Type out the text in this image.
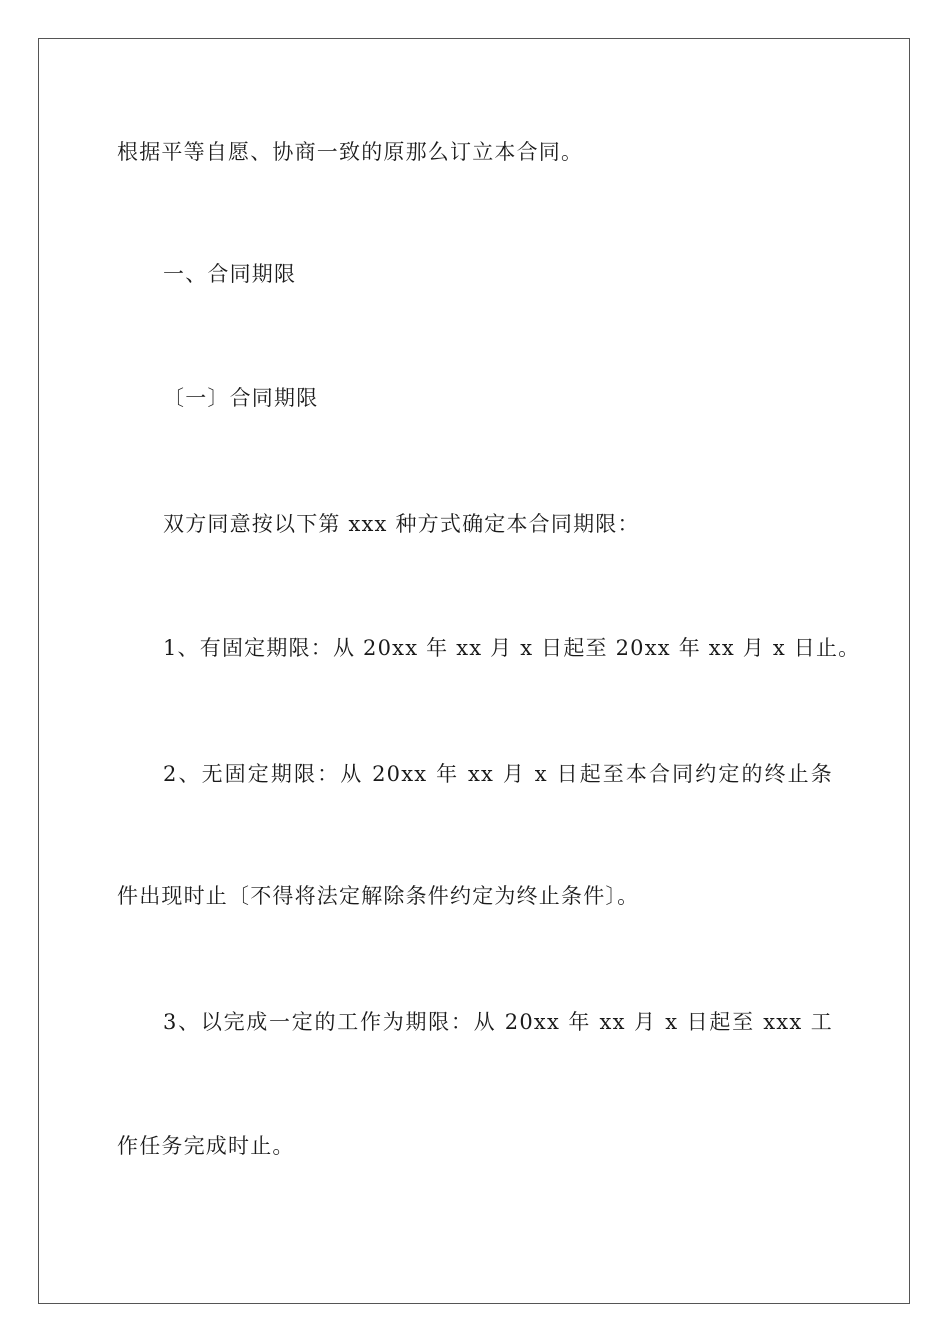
根据平等自愿、协商一致的原那么订立本合同。
一、合同期限
〔一〕合同期限
双方同意按以下第 xxx 种方式确定本合同期限：
1、有固定期限：从 20xx 年 xx 月 x 日起至 20xx 年 xx 月 x 日止。
2、无固定期限：从 20xx 年 xx 月 x 日起至本合同约定的终止条
件出现时止〔不得将法定解除条件约定为终止条件〕。
3、以完成一定的工作为期限：从 20xx 年 xx 月 x 日起至 xxx 工
作任务完成时止。
